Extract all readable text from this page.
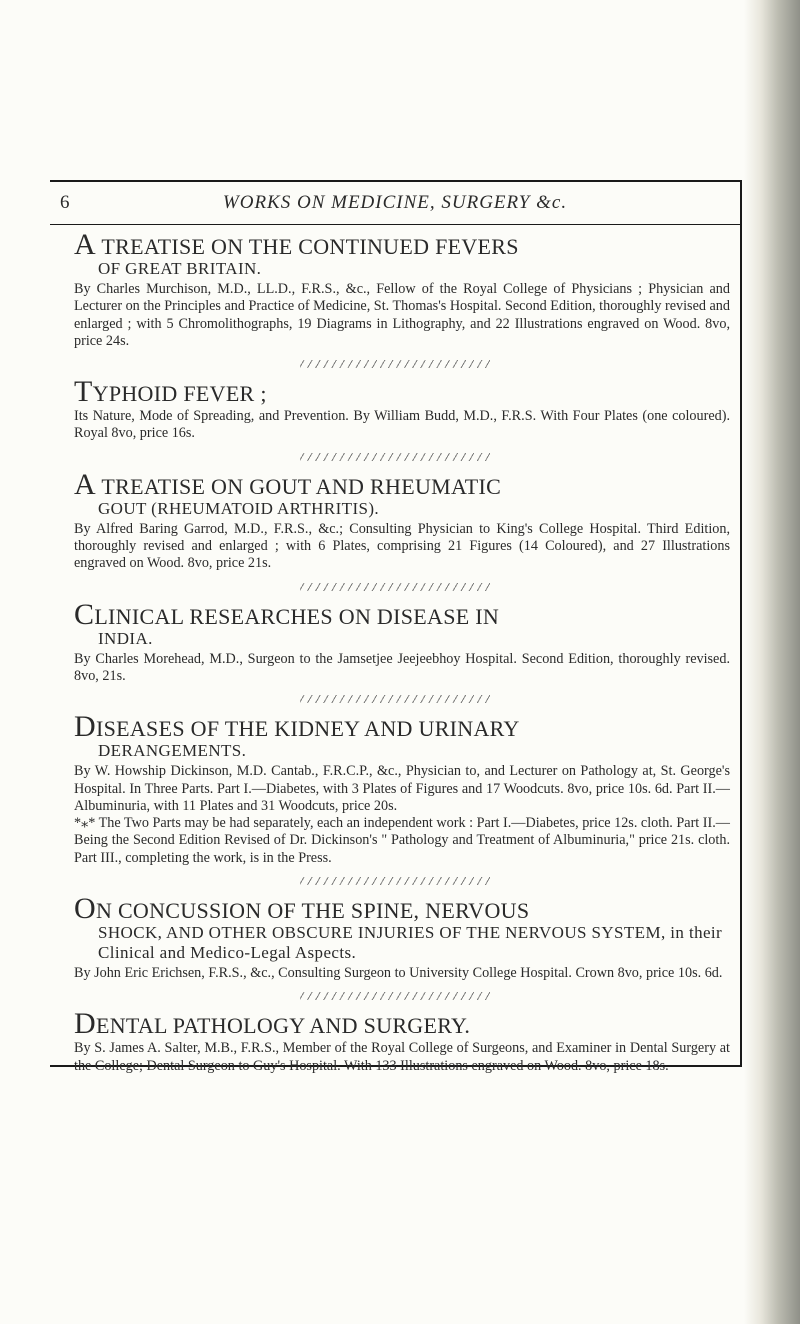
6	WORKS ON MEDICINE, SURGERY &c.
A TREATISE ON THE CONTINUED FEVERS
OF GREAT BRITAIN.
By Charles Murchison, M.D., LL.D., F.R.S., &c., Fellow of the Royal College of Physicians ; Physician and Lecturer on the Principles and Practice of Medicine, St. Thomas's Hospital. Second Edition, thoroughly revised and enlarged ; with 5 Chromolithographs, 19 Diagrams in Lithography, and 22 Illustrations engraved on Wood. 8vo, price 24s.
TYPHOID FEVER ;
Its Nature, Mode of Spreading, and Prevention. By William Budd, M.D., F.R.S. With Four Plates (one coloured). Royal 8vo, price 16s.
A TREATISE ON GOUT AND RHEUMATIC
GOUT (RHEUMATOID ARTHRITIS).
By Alfred Baring Garrod, M.D., F.R.S., &c.; Consulting Physician to King's College Hospital. Third Edition, thoroughly revised and enlarged ; with 6 Plates, comprising 21 Figures (14 Coloured), and 27 Illustrations engraved on Wood. 8vo, price 21s.
CLINICAL RESEARCHES ON DISEASE IN
INDIA.
By Charles Morehead, M.D., Surgeon to the Jamsetjee Jeejeebhoy Hospital. Second Edition, thoroughly revised. 8vo, 21s.
DISEASES OF THE KIDNEY AND URINARY
DERANGEMENTS.
By W. Howship Dickinson, M.D. Cantab., F.R.C.P., &c., Physician to, and Lecturer on Pathology at, St. George's Hospital. In Three Parts. Part I.—Diabetes, with 3 Plates of Figures and 17 Woodcuts. 8vo, price 10s. 6d. Part II.—Albuminuria, with 11 Plates and 31 Woodcuts, price 20s.
*⁎* The Two Parts may be had separately, each an independent work : Part I.—Diabetes, price 12s. cloth. Part II.—Being the Second Edition Revised of Dr. Dickinson's " Pathology and Treatment of Albuminuria," price 21s. cloth. Part III., completing the work, is in the Press.
ON CONCUSSION OF THE SPINE, NERVOUS
SHOCK, AND OTHER OBSCURE INJURIES OF THE NERVOUS SYSTEM, in their Clinical and Medico-Legal Aspects.
By John Eric Erichsen, F.R.S., &c., Consulting Surgeon to University College Hospital. Crown 8vo, price 10s. 6d.
DENTAL PATHOLOGY AND SURGERY.
By S. James A. Salter, M.B., F.R.S., Member of the Royal College of Surgeons, and Examiner in Dental Surgery at the College; Dental Surgeon to Guy's Hospital. With 133 Illustrations engraved on Wood. 8vo, price 18s.
